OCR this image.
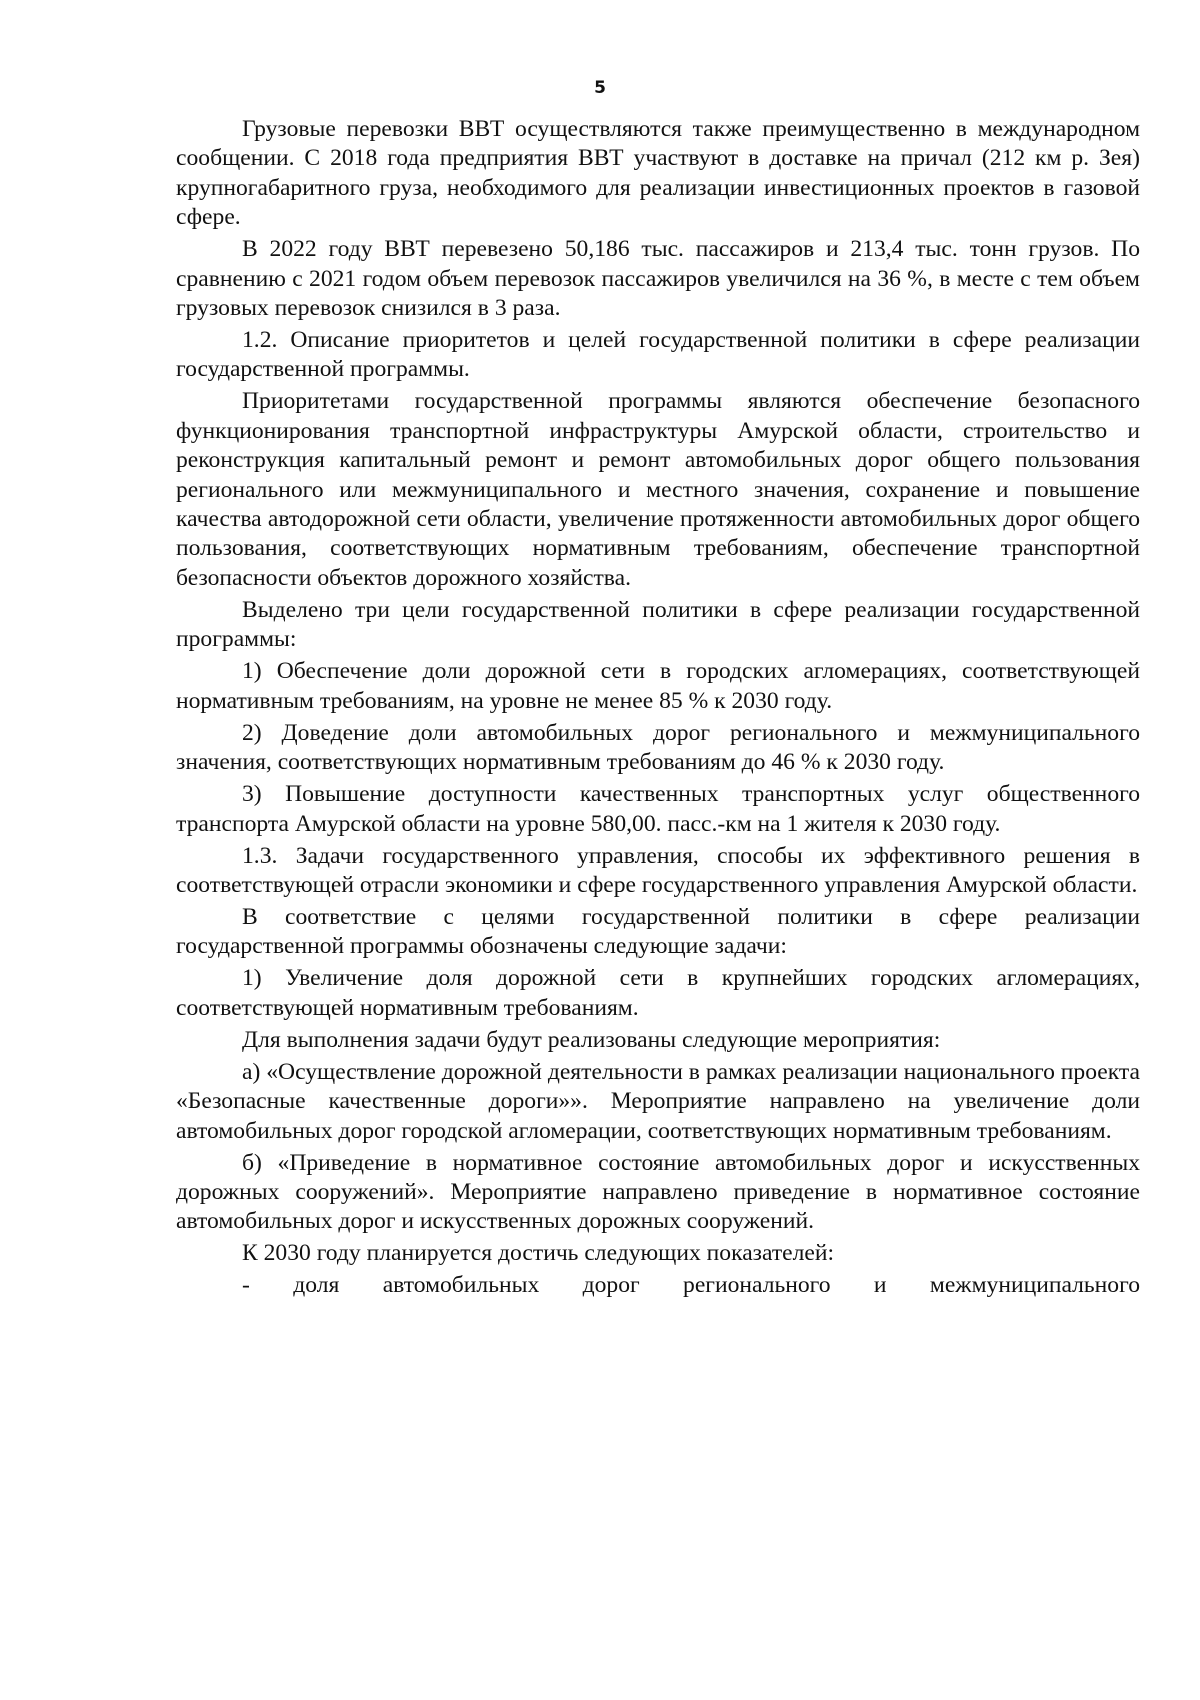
5

Грузовые перевозки ВВТ осуществляются также преимущественно в международном сообщении. С 2018 года предприятия ВВТ участвуют в доставке на причал (212 км р. Зея) крупногабаритного груза, необходимого для реализации инвестиционных проектов в газовой сфере.

В 2022 году ВВТ перевезено 50,186 тыс. пассажиров и 213,4 тыс. тонн грузов. По сравнению с 2021 годом объем перевозок пассажиров увеличился на 36 %, в месте с тем объем грузовых перевозок снизился в 3 раза.

1.2. Описание приоритетов и целей государственной политики в сфере реализации государственной программы.

Приоритетами государственной программы являются обеспечение безопасного функционирования транспортной инфраструктуры Амурской области, строительство и реконструкция капитальный ремонт и ремонт автомобильных дорог общего пользования регионального или межмуниципального и местного значения, сохранение и повышение качества автодорожной сети области, увеличение протяженности автомобильных дорог общего пользования, соответствующих нормативным требованиям, обеспечение транспортной безопасности объектов дорожного хозяйства.

Выделено три цели государственной политики в сфере реализации государственной программы:

1) Обеспечение доли дорожной сети в городских агломерациях, соответствующей нормативным требованиям, на уровне не менее 85 % к 2030 году.

2) Доведение доли автомобильных дорог регионального и межмуниципального значения, соответствующих нормативным требованиям до 46 % к 2030 году.

3) Повышение доступности качественных транспортных услуг общественного транспорта Амурской области на уровне 580,00. пасс.-км на 1 жителя к 2030 году.

1.3. Задачи государственного управления, способы их эффективного решения в соответствующей отрасли экономики и сфере государственного управления Амурской области.

В соответствие с целями государственной политики в сфере реализации государственной программы обозначены следующие задачи:

1) Увеличение доля дорожной сети в крупнейших городских агломерациях, соответствующей нормативным требованиям.

Для выполнения задачи будут реализованы следующие мероприятия:

а) «Осуществление дорожной деятельности в рамках реализации национального проекта «Безопасные качественные дороги»». Мероприятие направлено на увеличение доли автомобильных дорог городской агломерации, соответствующих нормативным требованиям.

б) «Приведение в нормативное состояние автомобильных дорог и искусственных дорожных сооружений». Мероприятие направлено приведение в нормативное состояние автомобильных дорог и искусственных дорожных сооружений.

К 2030 году планируется достичь следующих показателей:

- доля автомобильных дорог регионального и межмуниципального
